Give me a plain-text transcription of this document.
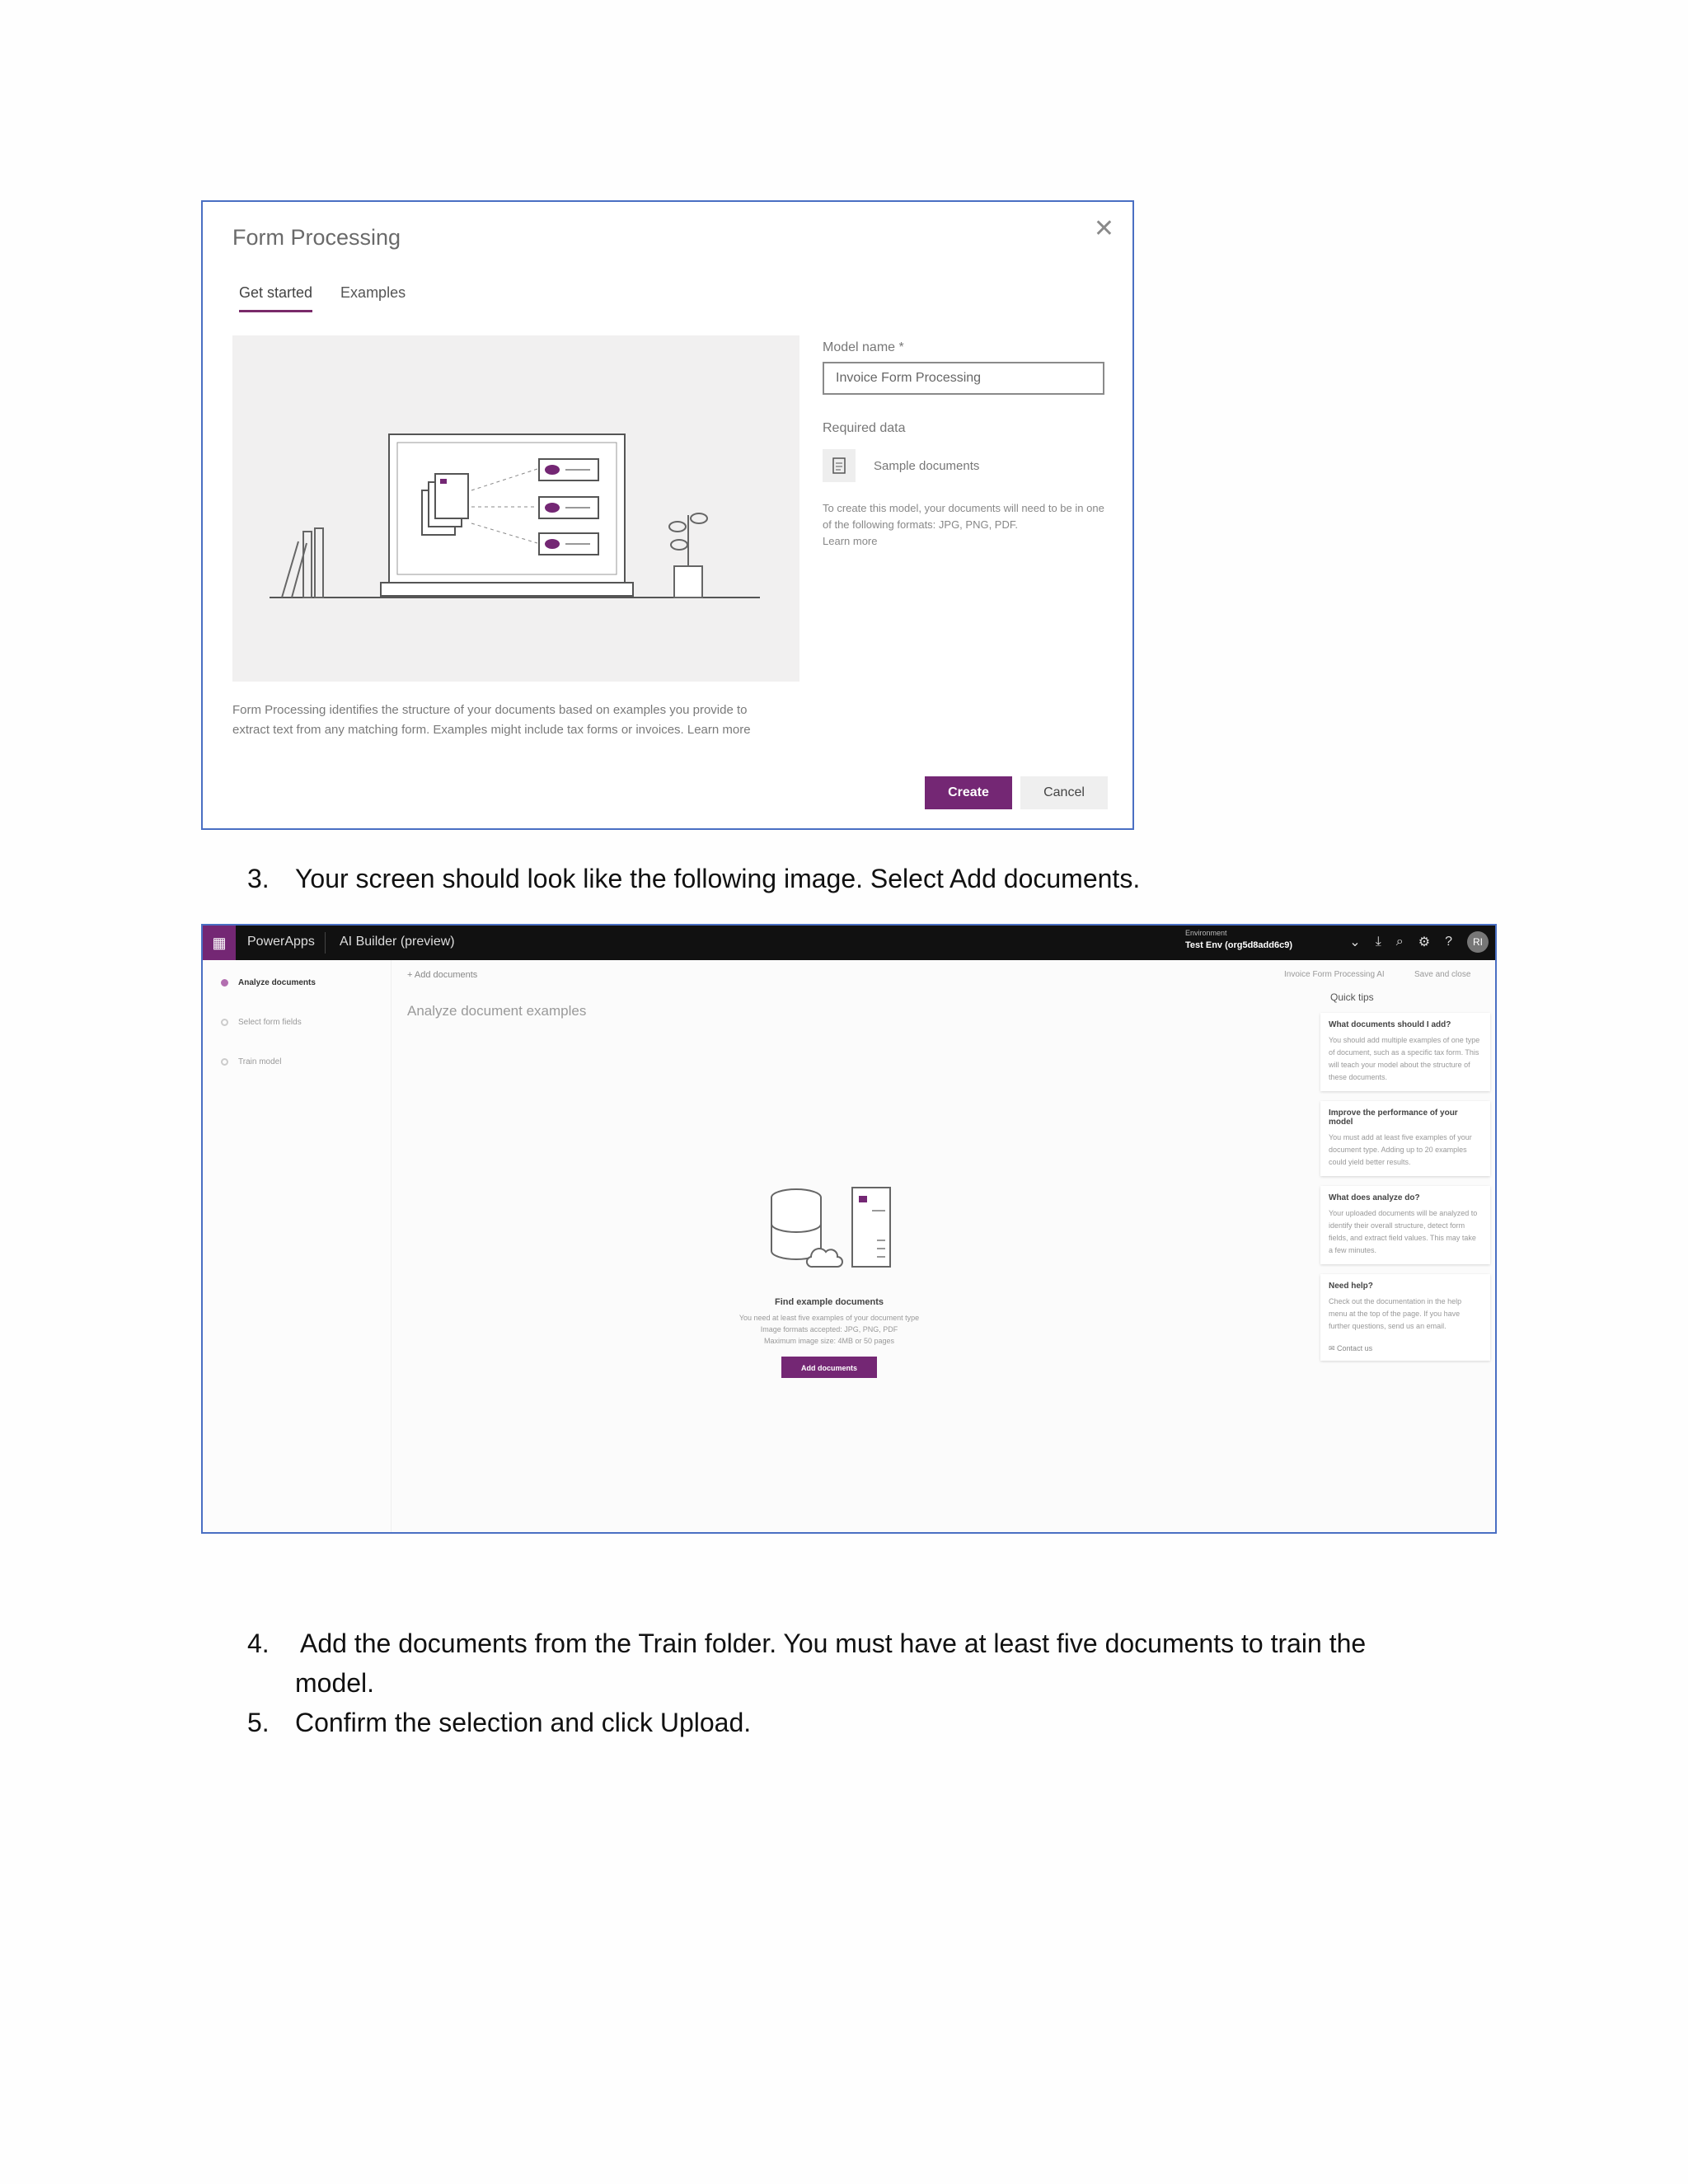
Form Processing	✕
Get started Examples
Form Processing identifies the structure of your documents based on examples you provide to extract text from any matching form. Examples might include tax forms or invoices. Learn more
Model name *
Invoice Form Processing
Required data
Sample documents
To create this model, your documents will need to be in one of the following formats: JPG, PNG, PDF.
Learn more
Create	Cancel
3. Your screen should look like the following image. Select Add documents.
▦	PowerApps AI Builder (preview)
Environment
Test Env (org5d8add6c9)	⌄ ⤓ ⌕ ⚙ ?	RI
Analyze documents
Select form fields
Train model
+ Add documents	Invoice Form Processing AI	Save and close
Analyze document examples
Find example documents
You need at least five examples of your document type
Image formats accepted: JPG, PNG, PDF
Maximum image size: 4MB or 50 pages
Add documents
Quick tips
What documents should I add?
You should add multiple examples of one type of document, such as a specific tax form. This will teach your model about the structure of these documents.
Improve the performance of your model
You must add at least five examples of your document type. Adding up to 20 examples could yield better results.
What does analyze do?
Your uploaded documents will be analyzed to identify their overall structure, detect form fields, and extract field values. This may take a few minutes.
Need help?
Check out the documentation in the help menu at the top of the page. If you have further questions, send us an email.
✉ Contact us
4. Add the documents from the Train folder. You must have at least five documents to train the
model.
5. Confirm the selection and click Upload.
